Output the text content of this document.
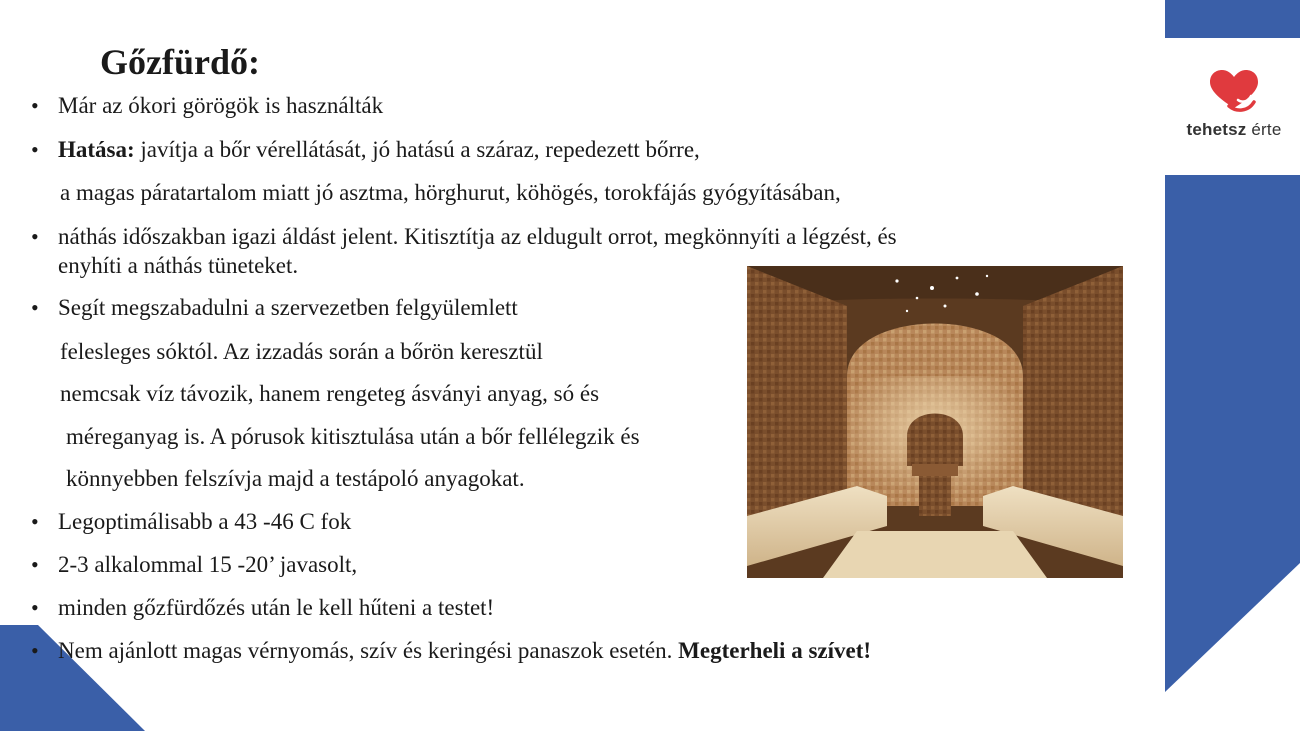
tehetsz érte
Gőzfürdő:
• Már az ókori görögök is használták
• Hatása: javítja a bőr vérellátását, jó hatású a száraz, repedezett bőrre,
a magas páratartalom miatt jó asztma, hörghurut, köhögés, torokfájás gyógyításában,
• náthás időszakban igazi áldást jelent. Kitisztítja az eldugult orrot, megkönnyíti a légzést, és
enyhíti a náthás tüneteket.
• Segít megszabadulni a szervezetben felgyülemlett
felesleges sóktól. Az izzadás során a bőrön keresztül
nemcsak víz távozik, hanem rengeteg ásványi anyag, só és
méreganyag is. A pórusok kitisztulása után a bőr fellélegzik és
könnyebben felszívja majd a testápoló anyagokat.
• Legoptimálisabb a 43 -46 C fok
• 2-3 alkalommal 15 -20’ javasolt,
• minden gőzfürdőzés után le kell hűteni a testet!
• Nem ajánlott magas vérnyomás, szív és keringési panaszok esetén. Megterheli a szívet!
